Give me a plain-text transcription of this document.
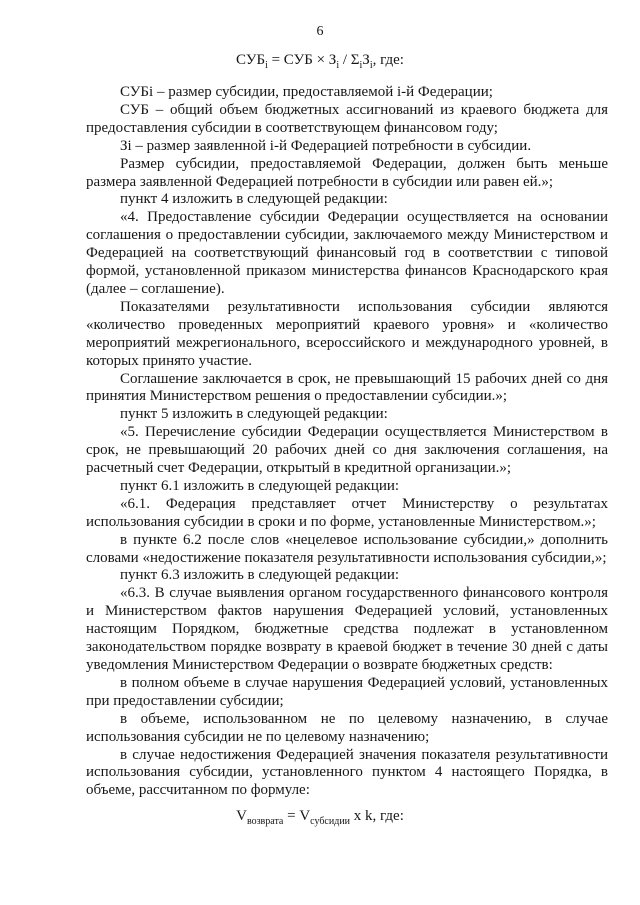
6
$СУБ_i$ = СУБ × $З_i / \Sigma_iЗ_i$, где:

СУБi – размер субсидии, предоставляемой i-й Федерации;

СУБ – общий объем бюджетных ассигнований из краевого бюджета для предоставления субсидии в соответствующем финансовом году;

Зi – размер заявленной i-й Федерацией потребности в субсидии.

Размер субсидии, предоставляемой Федерации, должен быть меньше размера заявленной Федерацией потребности в субсидии или равен ей.»;

пункт 4 изложить в следующей редакции:

«4. Предоставление субсидии Федерации осуществляется на основании соглашения о предоставлении субсидии, заключаемого между Министерством и Федерацией на соответствующий финансовый год в соответствии с типовой формой, установленной приказом министерства финансов Краснодарского края (далее – соглашение).

Показателями результативности использования субсидии являются «количество проведенных мероприятий краевого уровня» и «количество мероприятий межрегионального, всероссийского и международного уровней, в которых принято участие.

Соглашение заключается в срок, не превышающий 15 рабочих дней со дня принятия Министерством решения о предоставлении субсидии.»;

пункт 5 изложить в следующей редакции:

«5. Перечисление субсидии Федерации осуществляется Министерством в срок, не превышающий 20 рабочих дней со дня заключения соглашения, на расчетный счет Федерации, открытый в кредитной организации.»;

пункт 6.1 изложить в следующей редакции:

«6.1. Федерация представляет отчет Министерству о результатах использования субсидии в сроки и по форме, установленные Министерством.»;

в пункте 6.2 после слов «нецелевое использование субсидии,» дополнить словами «недостижение показателя результативности использования субсидии,»;

пункт 6.3 изложить в следующей редакции:

«6.3. В случае выявления органом государственного финансового контроля и Министерством фактов нарушения Федерацией условий, установленных настоящим Порядком, бюджетные средства подлежат в установленном законодательством порядке возврату в краевой бюджет в течение 30 дней с даты уведомления Министерством Федерации о возврате бюджетных средств:

в полном объеме в случае нарушения Федерацией условий, установленных при предоставлении субсидии;

в объеме, использованном не по целевому назначению, в случае использования субсидии не по целевому назначению;

в случае недостижения Федерацией значения показателя результативности использования субсидии, установленного пунктом 4 настоящего Порядка, в объеме, рассчитанном по формуле:

$V_{возврата} = V_{субсидии}$ x k, где:
